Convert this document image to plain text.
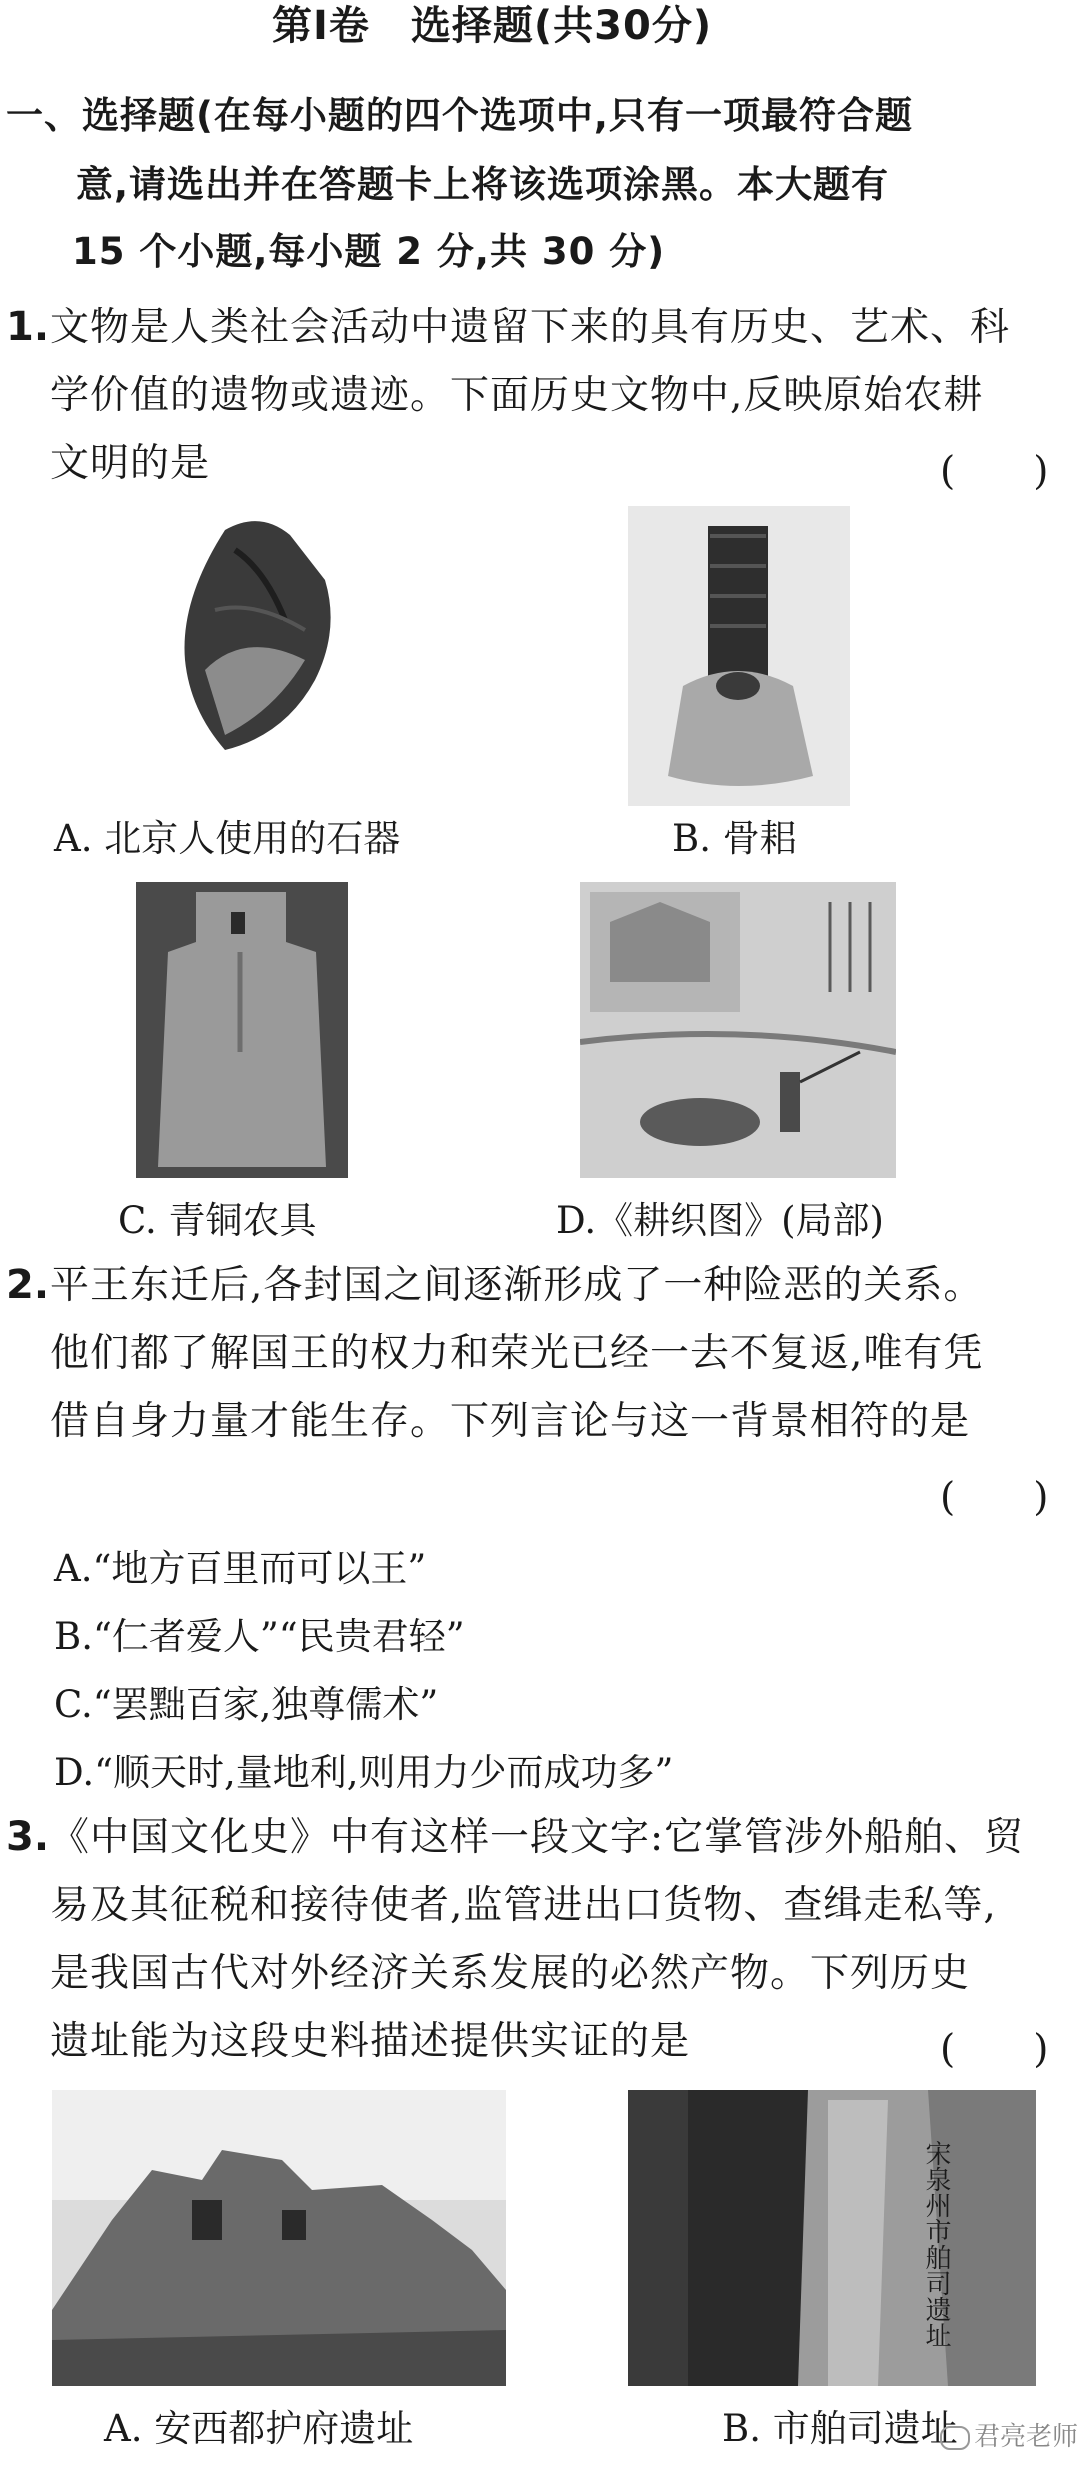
第Ⅰ卷　选择题(共30分)
一、选择题(在每小题的四个选项中,只有一项最符合题
意,请选出并在答题卡上将该选项涂黑。本大题有
15 个小题,每小题 2 分,共 30 分)
1. 文物是人类社会活动中遗留下来的具有历史、艺术、科
学价值的遗物或遗迹。下面历史文物中,反映原始农耕
文明的是	(　　)
A. 北京人使用的石器	B. 骨耜
C. 青铜农具	D.《耕织图》(局部)
2. 平王东迁后,各封国之间逐渐形成了一种险恶的关系。
他们都了解国王的权力和荣光已经一去不复返,唯有凭
借自身力量才能生存。下列言论与这一背景相符的是
(　　)
A.“地方百里而可以王”
B.“仁者爱人”“民贵君轻”
C.“罢黜百家,独尊儒术”
D.“顺天时,量地利,则用力少而成功多”
3. 《中国文化史》中有这样一段文字:它掌管涉外船舶、贸
易及其征税和接待使者,监管进出口货物、查缉走私等,
是我国古代对外经济关系发展的必然产物。下列历史
遗址能为这段史料描述提供实证的是	(　　)
宋泉州市舶司遗址
A. 安西都护府遗址	B. 市舶司遗址 君亮老师
